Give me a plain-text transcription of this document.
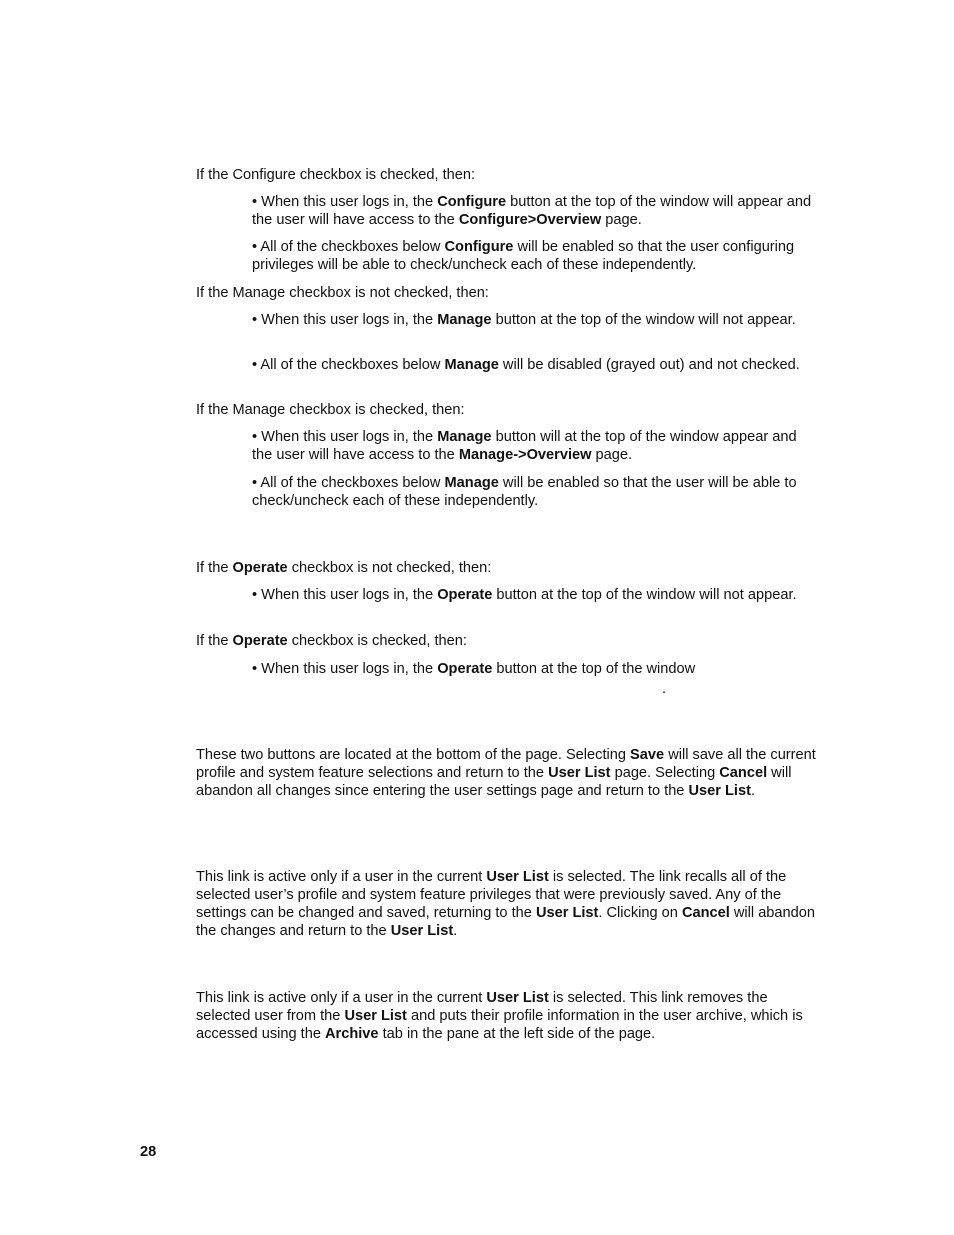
If the Configure checkbox is checked, then:

• When this user logs in, the Configure button at the top of the window will appear and the user will have access to the Configure>Overview page.

• All of the checkboxes below Configure will be enabled so that the user configuring privileges will be able to check/uncheck each of these independently.

If the Manage checkbox is not checked, then:

• When this user logs in, the Manage button at the top of the window will not appear.

• All of the checkboxes below Manage will be disabled (grayed out) and not checked.

If the Manage checkbox is checked, then:

• When this user logs in, the Manage button will at the top of the window appear and the user will have access to the Manage->Overview page.

• All of the checkboxes below Manage will be enabled so that the user will be able to check/uncheck each of these independently.

If the Operate checkbox is not checked, then:

• When this user logs in, the Operate button at the top of the window will not appear.

If the Operate checkbox is checked, then:

• When this user logs in, the Operate button at the top of the window

.

These two buttons are located at the bottom of the page. Selecting Save will save all the current profile and system feature selections and return to the User List page. Selecting Cancel will abandon all changes since entering the user settings page and return to the User List.

This link is active only if a user in the current User List is selected. The link recalls all of the selected user’s profile and system feature privileges that were previously saved. Any of the settings can be changed and saved, returning to the User List. Clicking on Cancel will abandon the changes and return to the User List.

This link is active only if a user in the current User List is selected. This link removes the selected user from the User List and puts their profile information in the user archive, which is accessed using the Archive tab in the pane at the left side of the page.

28
